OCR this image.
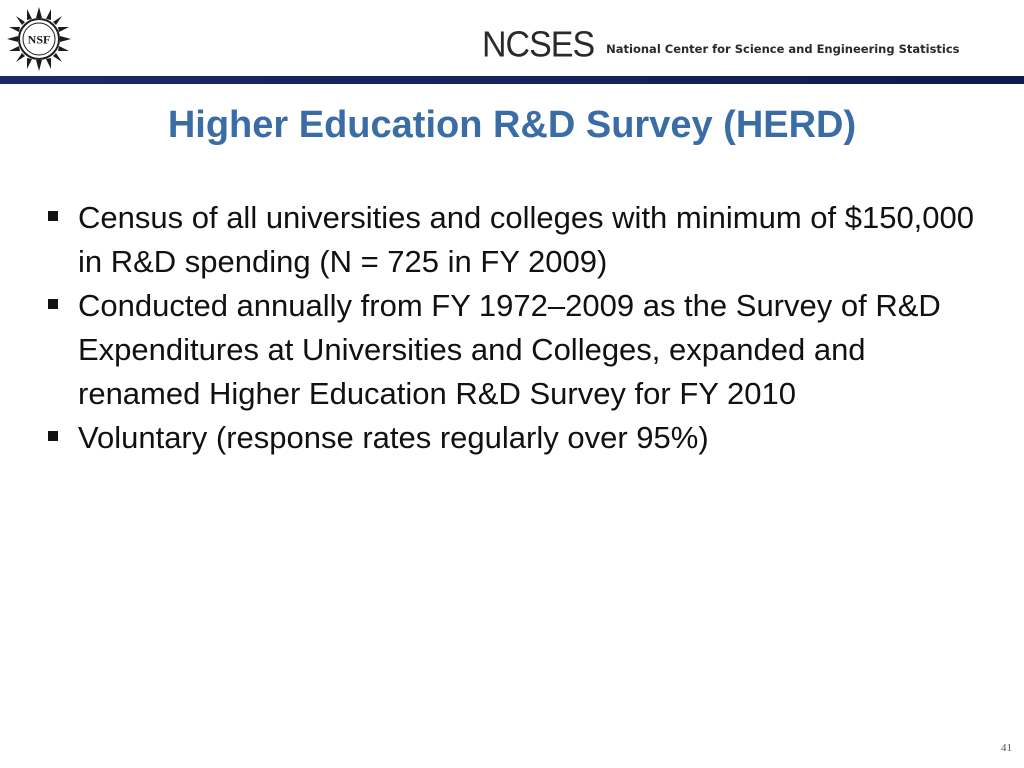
NSF	NCSES National Center for Science and Engineering Statistics
Higher Education R&D Survey (HERD)
Census of all universities and colleges with minimum of $150,000 in R&D spending (N = 725 in FY 2009)
Conducted annually from FY 1972–2009 as the Survey of R&D Expenditures at Universities and Colleges, expanded and renamed Higher Education R&D Survey for FY 2010
Voluntary (response rates regularly over 95%)
41
